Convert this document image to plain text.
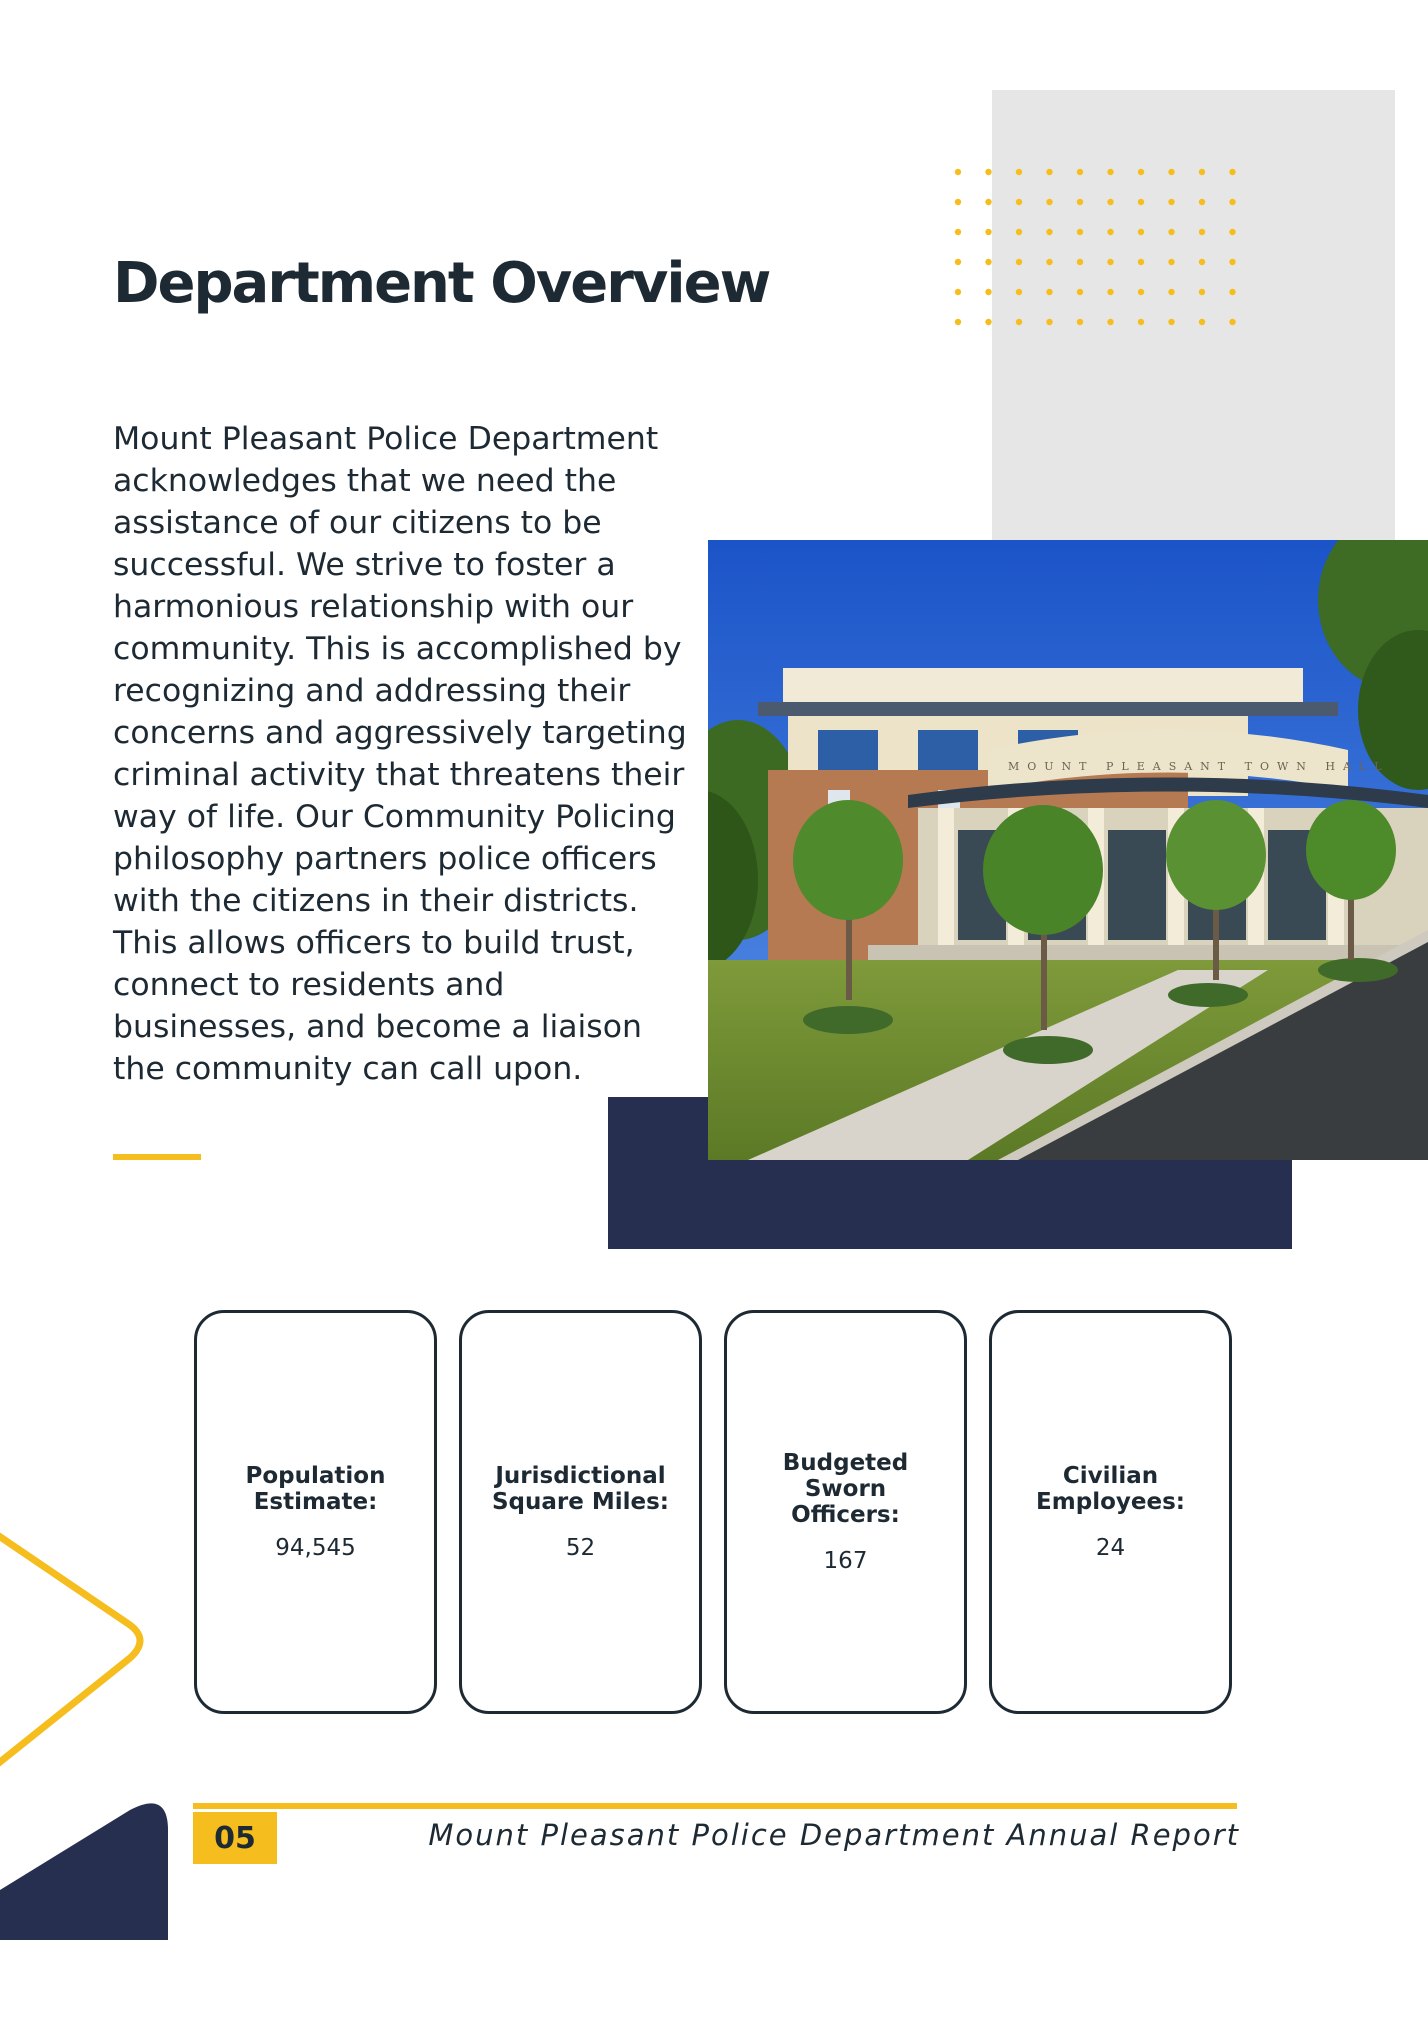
Department Overview

Mount Pleasant Police Department acknowledges that we need the assistance of our citizens to be successful. We strive to foster a harmonious relationship with our community. This is accomplished by recognizing and addressing their concerns and aggressively targeting criminal activity that threatens their way of life. Our Community Policing philosophy partners police officers with the citizens in their districts. This allows officers to build trust, connect to residents and businesses, and become a liaison the community can call upon.

MOUNT PLEASANT TOWN HALL
Population Estimate:
94,545
Jurisdictional Square Miles:
52
Budgeted Sworn Officers:
167
Civilian Employees:
24
05	Mount Pleasant Police Department Annual Report
